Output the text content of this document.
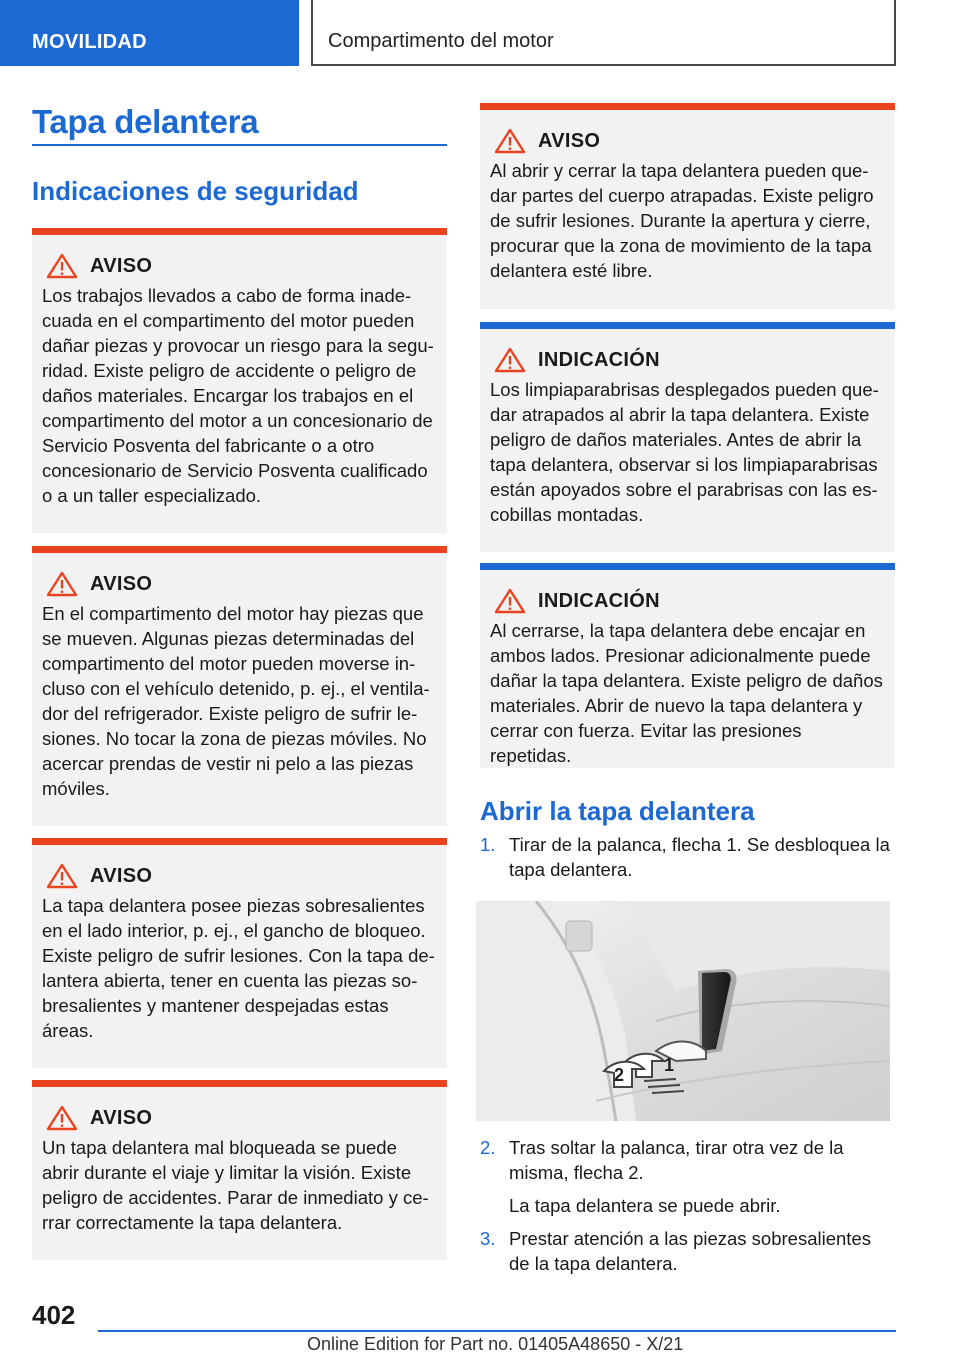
MOVILIDAD	Compartimento del motor
Tapa delantera
Indicaciones de seguridad
AVISO
Los trabajos llevados a cabo de forma inade-cuada en el compartimento del motor pueden dañar piezas y provocar un riesgo para la segu-ridad. Existe peligro de accidente o peligro de daños materiales. Encargar los trabajos en el compartimento del motor a un concesionario de Servicio Posventa del fabricante o a otro concesionario de Servicio Posventa cualificado o a un taller especializado.
AVISO
En el compartimento del motor hay piezas que se mueven. Algunas piezas determinadas del compartimento del motor pueden moverse in-cluso con el vehículo detenido, p. ej., el ventila-dor del refrigerador. Existe peligro de sufrir le-siones. No tocar la zona de piezas móviles. No acercar prendas de vestir ni pelo a las piezas móviles.
AVISO
La tapa delantera posee piezas sobresalientes en el lado interior, p. ej., el gancho de bloqueo. Existe peligro de sufrir lesiones. Con la tapa de-lantera abierta, tener en cuenta las piezas so-bresalientes y mantener despejadas estas áreas.
AVISO
Un tapa delantera mal bloqueada se puede abrir durante el viaje y limitar la visión. Existe peligro de accidentes. Parar de inmediato y ce-rrar correctamente la tapa delantera.
AVISO
Al abrir y cerrar la tapa delantera pueden que-dar partes del cuerpo atrapadas. Existe peligro de sufrir lesiones. Durante la apertura y cierre, procurar que la zona de movimiento de la tapa delantera esté libre.
INDICACIÓN
Los limpiaparabrisas desplegados pueden que-dar atrapados al abrir la tapa delantera. Existe peligro de daños materiales. Antes de abrir la tapa delantera, observar si los limpiaparabrisas están apoyados sobre el parabrisas con las es-cobillas montadas.
INDICACIÓN
Al cerrarse, la tapa delantera debe encajar en ambos lados. Presionar adicionalmente puede dañar la tapa delantera. Existe peligro de daños materiales. Abrir de nuevo la tapa delantera y cerrar con fuerza. Evitar las presiones repetidas.
Abrir la tapa delantera
1. Tirar de la palanca, flecha 1. Se desbloquea la tapa delantera.

1
2
2. Tras soltar la palanca, tirar otra vez de la misma, flecha 2.

La tapa delantera se puede abrir.

3. Prestar atención a las piezas sobresalientes de la tapa delantera.

402
Online Edition for Part no. 01405A48650 - X/21
